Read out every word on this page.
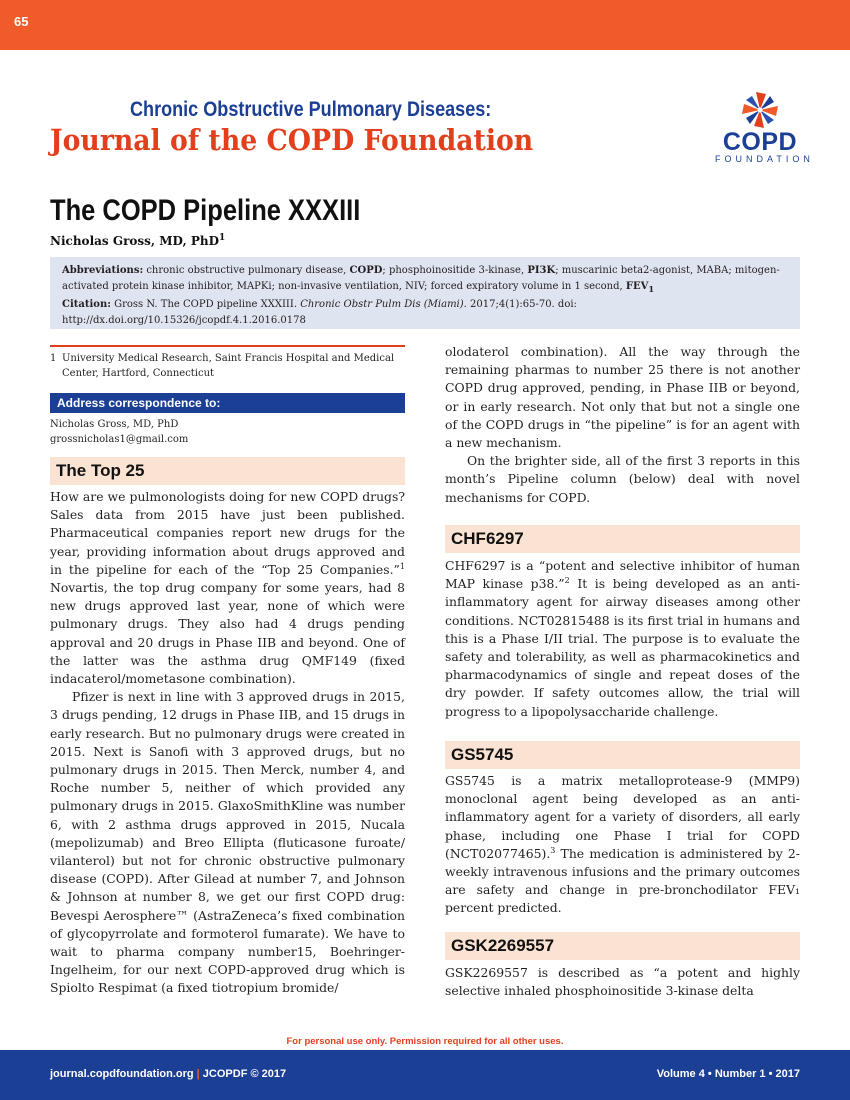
65
Chronic Obstructive Pulmonary Diseases:
Journal of the COPD Foundation	COPD
FOUNDATION
The COPD Pipeline XXXIII
Nicholas Gross, MD, PhD$^1$
Abbreviations: chronic obstructive pulmonary disease, COPD; phosphoinositide 3-kinase, PI3K; muscarinic beta2-agonist, MABA; mitogen-activated protein kinase inhibitor, MAPKi; non-invasive ventilation, NIV; forced expiratory volume in 1 second, $FEV_1$
Citation: Gross N. The COPD pipeline XXXIII. Chronic Obstr Pulm Dis (Miami). 2017;4(1):65-70. doi: http://dx.doi.org/10.15326/jcopdf.4.1.2016.0178
1 University Medical Research, Saint Francis Hospital and Medical Center, Hartford, Connecticut
Address correspondence to:
Nicholas Gross, MD, PhD
grossnicholas1@gmail.com
The Top 25

How are we pulmonologists doing for new COPD drugs? Sales data from 2015 have just been published. Pharmaceutical companies report new drugs for the year, providing information about drugs approved and in the pipeline for each of the “Top 25 Companies.”$^1$ Novartis, the top drug company for some years, had 8 new drugs approved last year, none of which were pulmonary drugs. They also had 4 drugs pending approval and 20 drugs in Phase IIB and beyond. One of the latter was the asthma drug QMF149 (fixed indacaterol/mometasone combination).

Pfizer is next in line with 3 approved drugs in 2015, 3 drugs pending, 12 drugs in Phase IIB, and 15 drugs in early research. But no pulmonary drugs were created in 2015. Next is Sanofi with 3 approved drugs, but no pulmonary drugs in 2015. Then Merck, number 4, and Roche number 5, neither of which provided any pulmonary drugs in 2015. GlaxoSmithKline was number 6, with 2 asthma drugs approved in 2015, Nucala (mepolizumab) and Breo Ellipta (fluticasone furoate/ vilanterol) but not for chronic obstructive pulmonary disease (COPD). After Gilead at number 7, and Johnson & Johnson at number 8, we get our first COPD drug: Bevespi Aerosphere™ (AstraZeneca’s fixed combination of glycopyrrolate and formoterol fumarate). We have to wait to pharma company number15, Boehringer-Ingelheim, for our next COPD-approved drug which is Spiolto Respimat (a fixed tiotropium bromide/

olodaterol combination). All the way through the remaining pharmas to number 25 there is not another COPD drug approved, pending, in Phase IIB or beyond, or in early research. Not only that but not a single one of the COPD drugs in “the pipeline” is for an agent with a new mechanism.

On the brighter side, all of the first 3 reports in this month’s Pipeline column (below) deal with novel mechanisms for COPD.

CHF6297

CHF6297 is a “potent and selective inhibitor of human MAP kinase p38.”$^2$ It is being developed as an anti-inflammatory agent for airway diseases among other conditions. NCT02815488 is its first trial in humans and this is a Phase I/II trial. The purpose is to evaluate the safety and tolerability, as well as pharmacokinetics and pharmacodynamics of single and repeat doses of the dry powder. If safety outcomes allow, the trial will progress to a lipopolysaccharide challenge.

GS5745

GS5745 is a matrix metalloprotease-9 (MMP9) monoclonal agent being developed as an anti-inflammatory agent for a variety of disorders, all early phase, including one Phase I trial for COPD (NCT02077465).$^3$ The medication is administered by 2-weekly intravenous infusions and the primary outcomes are safety and change in pre-bronchodilator FEV₁ percent predicted.

GSK2269557

GSK2269557 is described as “a potent and highly selective inhaled phosphoinositide 3-kinase delta

For personal use only. Permission required for all other uses.
journal.copdfoundation.org | JCOPDF © 2017	Volume 4 • Number 1 • 2017
